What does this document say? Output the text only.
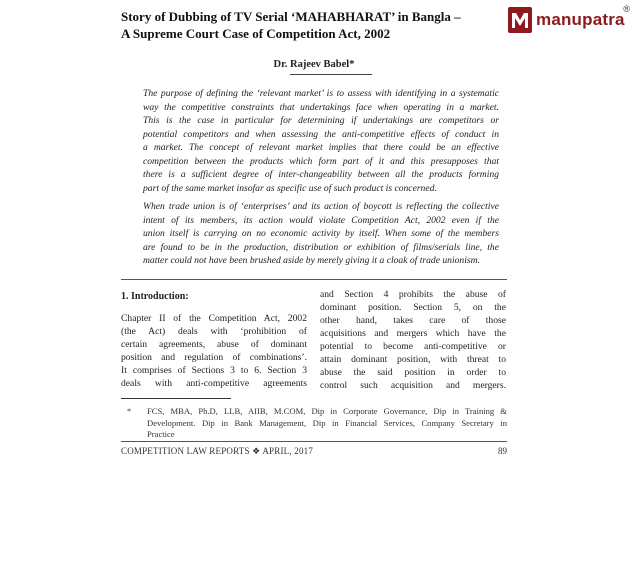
Story of Dubbing of TV Serial ‘MAHABHARAT’ in Bangla –
A Supreme Court Case of Competition Act, 2002
manupatra
®
Dr. Rajeev Babel*
The purpose of defining the ‘relevant market’ is to assess with identifying in a systematic
way the competitive constraints that undertakings face when operating in a market.
This is the case in particular for determining if undertakings are competitors or
potential competitors and when assessing the anti-competitive effects of conduct in
a market. The concept of relevant market implies that there could be an effective
competition between the products which form part of it and this presupposes that
there is a sufficient degree of inter-changeability between all the products forming
part of the same market insofar as specific use of such product is concerned.
When trade union is of ‘enterprises’ and its action of boycott is reflecting the collective
intent of its members, its action would violate Competition Act, 2002 even if the
union itself is carrying on no economic activity by itself. When some of the members
are found to be in the production, distribution or exhibition of films/serials line, the
matter could not have been brushed aside by merely giving it a cloak of trade unionism.
1. Introduction:
Chapter II of the Competition Act, 2002
(the Act) deals with ‘prohibition of
certain agreements, abuse of dominant
position and regulation of combinations’.
It comprises of Sections 3 to 6. Section 3
deals with anti-competitive agreements
and Section 4 prohibits the abuse of
dominant position. Section 5, on the
other hand, takes care of those
acquisitions and mergers which have the
potential to become anti-competitive or
attain dominant position, with threat to
abuse the said position in order to
control such acquisition and mergers.
* FCS, MBA, Ph.D, LLB, AIIB, M.COM, Dip in Corporate Governance, Dip in Training &
Development. Dip in Bank Management, Dip in Financial Services, Company Secretary in
Practice
COMPETITION LAW REPORTS ❖ APRIL, 2017	89
